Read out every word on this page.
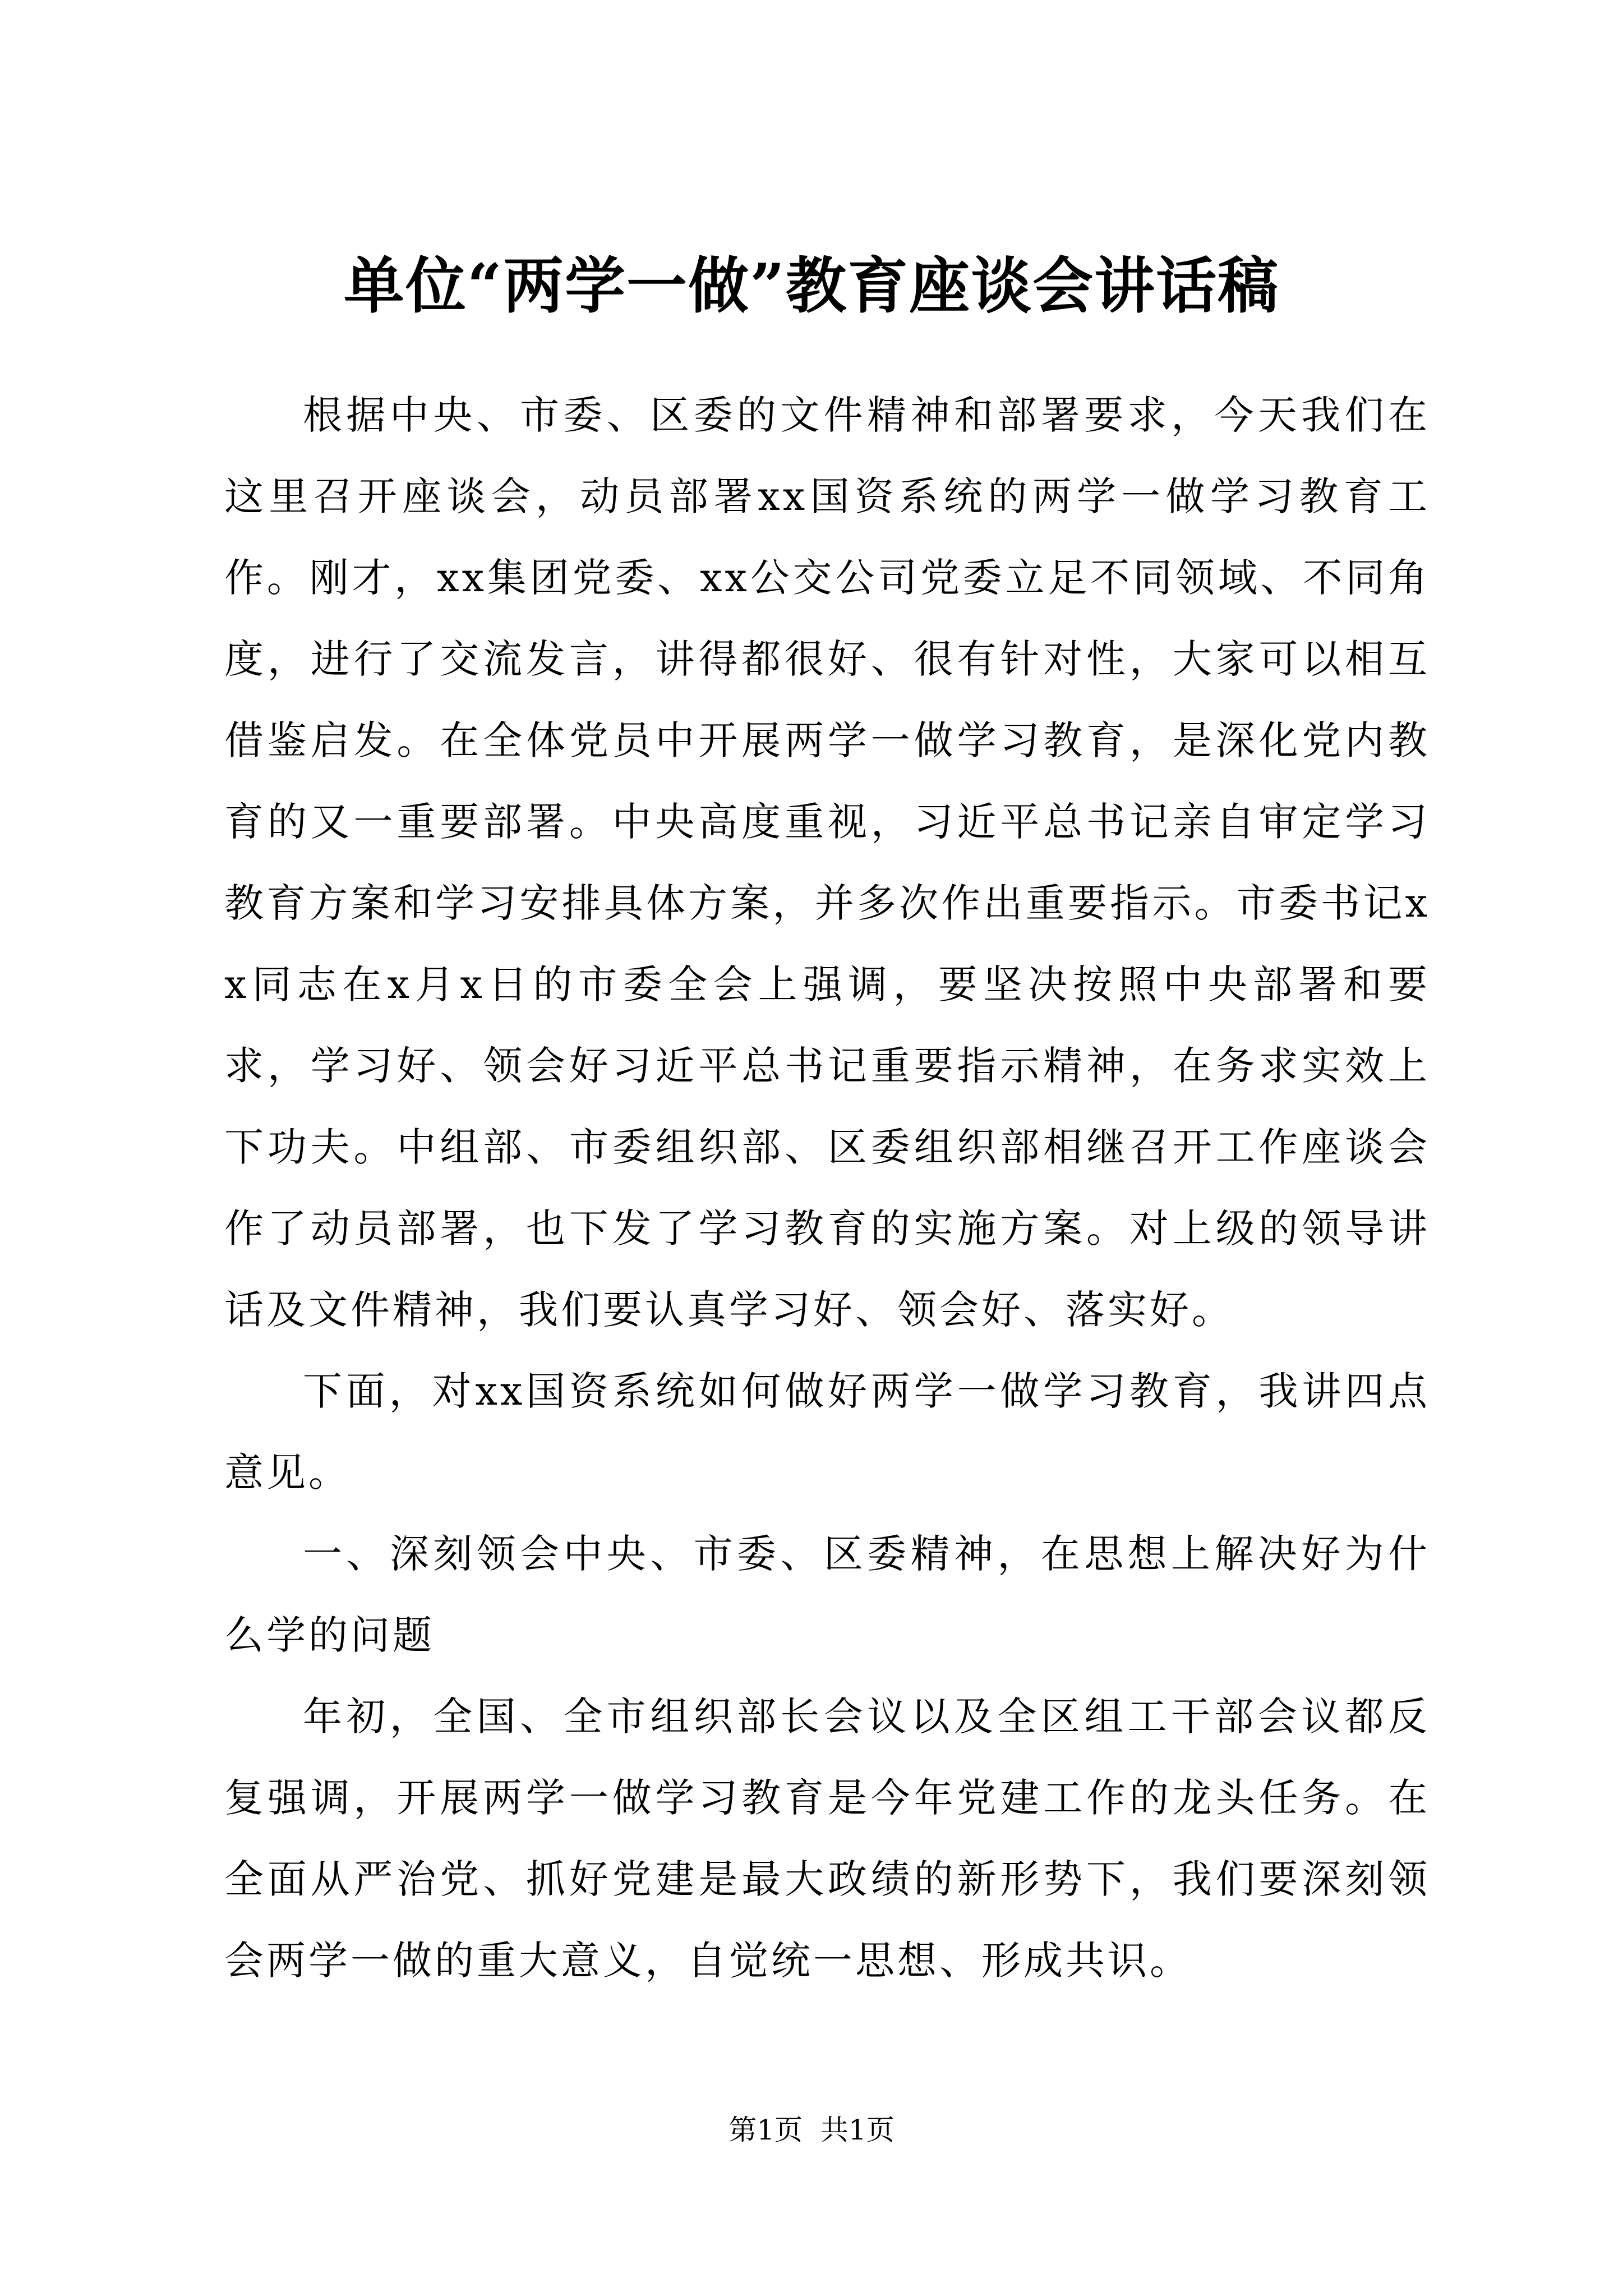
单位“两学一做”教育座谈会讲话稿

根据中央、市委、区委的文件精神和部署要求，今天我们在这里召开座谈会，动员部署xx国资系统的两学一做学习教育工作。刚才，xx集团党委、xx公交公司党委立足不同领域、不同角度，进行了交流发言，讲得都很好、很有针对性，大家可以相互借鉴启发。在全体党员中开展两学一做学习教育，是深化党内教育的又一重要部署。中央高度重视，习近平总书记亲自审定学习教育方案和学习安排具体方案，并多次作出重要指示。市委书记xx同志在x月x日的市委全会上强调，要坚决按照中央部署和要求，学习好、领会好习近平总书记重要指示精神，在务求实效上下功夫。中组部、市委组织部、区委组织部相继召开工作座谈会作了动员部署，也下发了学习教育的实施方案。对上级的领导讲话及文件精神，我们要认真学习好、领会好、落实好。

下面，对xx国资系统如何做好两学一做学习教育，我讲四点意见。

一、深刻领会中央、市委、区委精神，在思想上解决好为什么学的问题

年初，全国、全市组织部长会议以及全区组工干部会议都反复强调，开展两学一做学习教育是今年党建工作的龙头任务。在全面从严治党、抓好党建是最大政绩的新形势下，我们要深刻领会两学一做的重大意义，自觉统一思想、形成共识。

第1页 共1页
